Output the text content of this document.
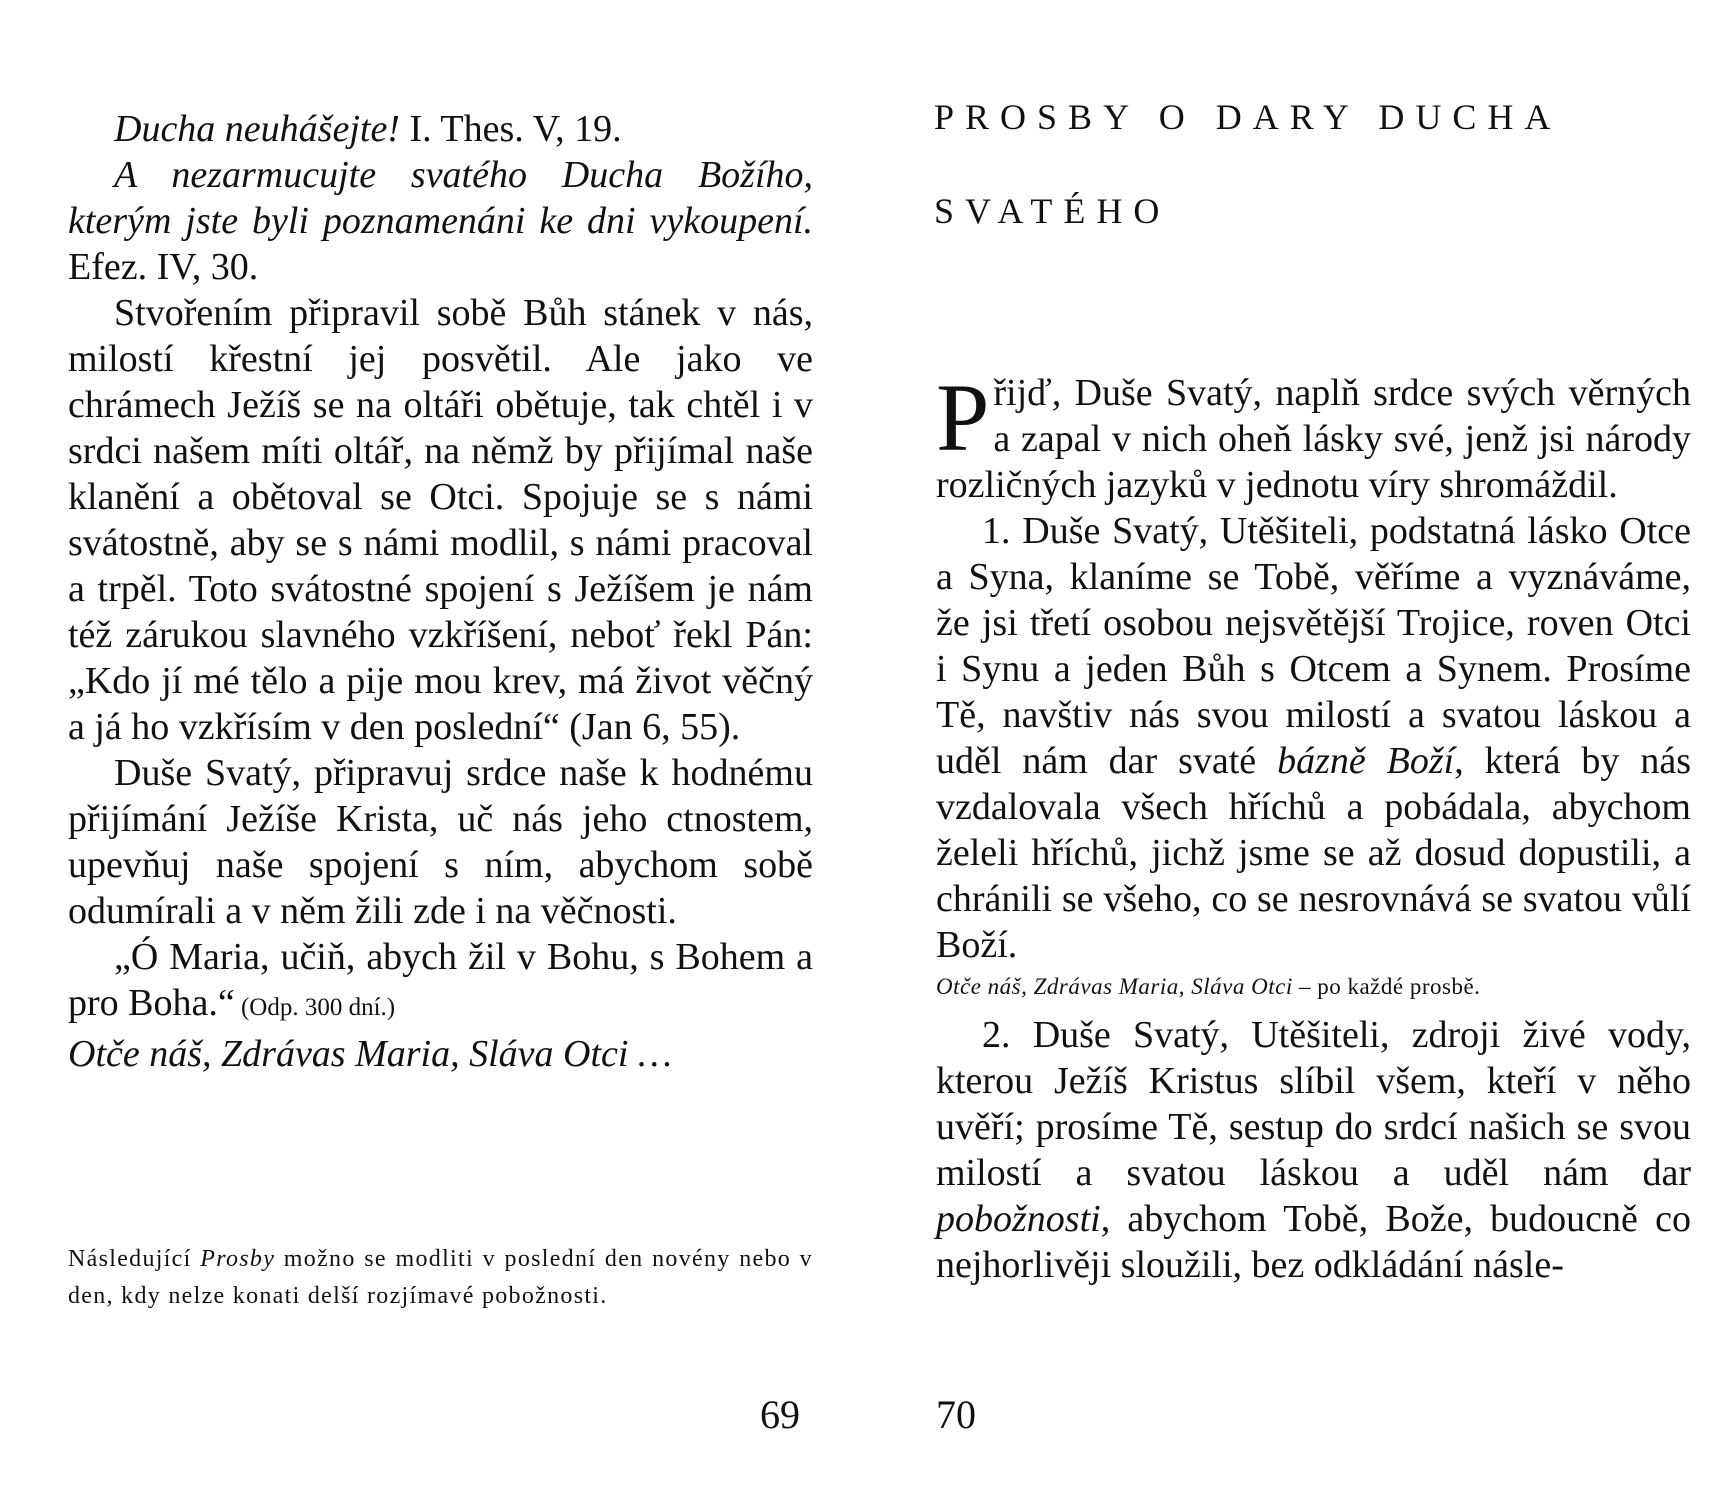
Ducha neuhášejte! I. Thes. V, 19.

A nezarmucujte svatého Ducha Božího, kterým jste byli poznamenáni ke dni vykoupení. Efez. IV, 30.

Stvořením připravil sobě Bůh stánek v nás, milostí křestní jej posvětil. Ale jako ve chrámech Ježíš se na oltáři obětuje, tak chtěl i v srdci našem míti oltář, na němž by přijímal naše klanění a obětoval se Otci. Spojuje se s námi svátostně, aby se s námi modlil, s námi pracoval a trpěl. Toto svátostné spojení s Ježíšem je nám též zárukou slavného vzkříšení, neboť řekl Pán: „Kdo jí mé tělo a pije mou krev, má život věčný a já ho vzkřísím v den poslední“ (Jan 6, 55).

Duše Svatý, připravuj srdce naše k hodnému přijímání Ježíše Krista, uč nás jeho ctnostem, upevňuj naše spojení s ním, abychom sobě odumírali a v něm žili zde i na věčnosti.

„Ó Maria, učiň, abych žil v Bohu, s Bohem a pro Boha.“ (Odp. 300 dní.)

Otče náš, Zdrávas Maria, Sláva Otci …

Následující Prosby možno se modliti v poslední den novény nebo v den, kdy nelze konati delší rozjímavé pobožnosti.

69
PROSBY O DARY DUCHA
SVATÉHO

Přijď, Duše Svatý, naplň srdce svých věrných a zapal v nich oheň lásky své, jenž jsi národy rozličných jazyků v jednotu víry shromáždil.

1. Duše Svatý, Utěšiteli, podstatná lásko Otce a Syna, klaníme se Tobě, věříme a vyznáváme, že jsi třetí osobou nejsvětější Trojice, roven Otci i Synu a jeden Bůh s Otcem a Synem. Prosíme Tě, navštiv nás svou milostí a svatou láskou a uděl nám dar svaté bázně Boží, která by nás vzdalovala všech hříchů a pobádala, abychom želeli hříchů, jichž jsme se až dosud dopustili, a chránili se všeho, co se nesrovnává se svatou vůlí Boží.

Otče náš, Zdrávas Maria, Sláva Otci – po každé prosbě.

2. Duše Svatý, Utěšiteli, zdroji živé vody, kterou Ježíš Kristus slíbil všem, kteří v něho uvěří; prosíme Tě, sestup do srdcí našich se svou milostí a svatou láskou a uděl nám dar pobožnosti, abychom Tobě, Bože, budoucně co nejhorlivěji sloužili, bez odkládání násle-

70
